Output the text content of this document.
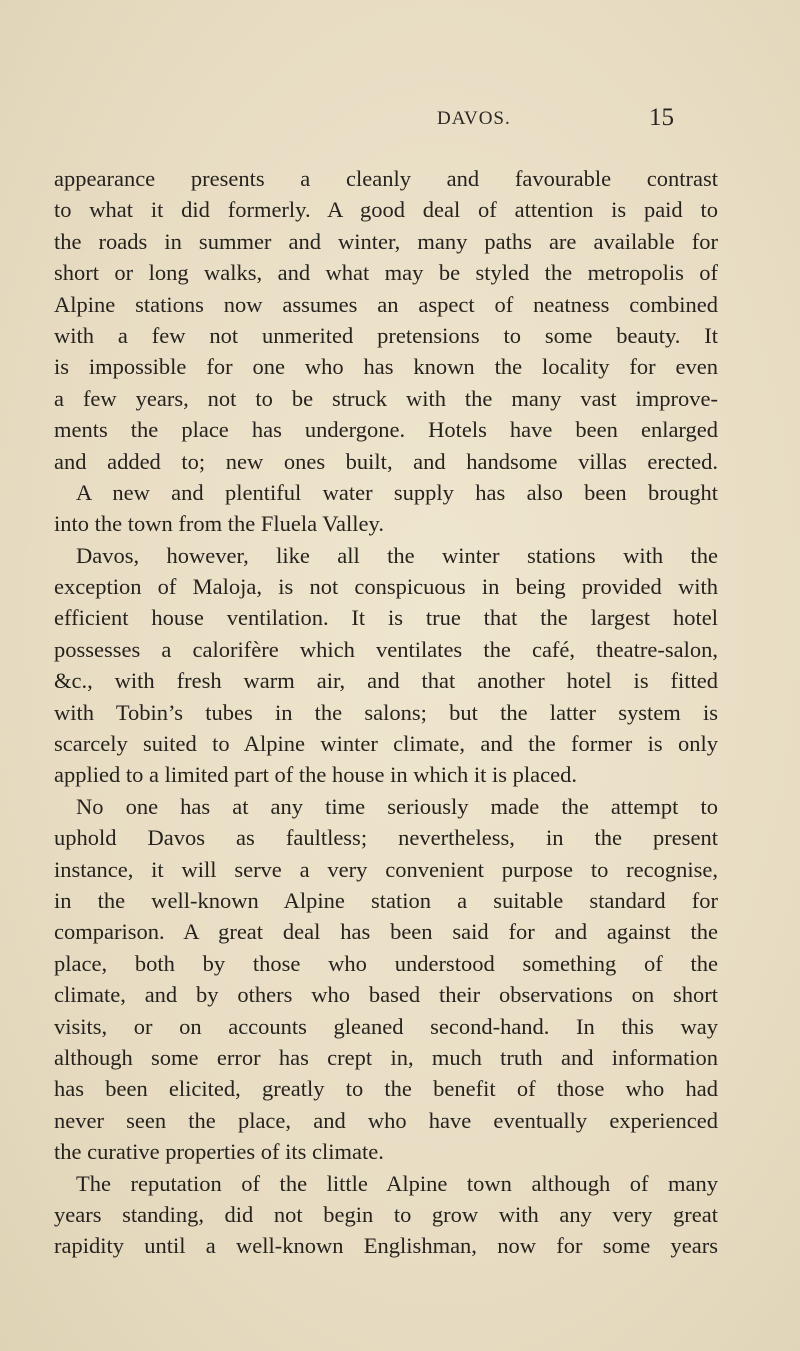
DAVOS.	15
appearance presents a cleanly and favourable contrast
to what it did formerly. A good deal of attention is paid to
the roads in summer and winter, many paths are available for
short or long walks, and what may be styled the metropolis of
Alpine stations now assumes an aspect of neatness combined
with a few not unmerited pretensions to some beauty. It
is impossible for one who has known the locality for even
a few years, not to be struck with the many vast improve-
ments the place has undergone. Hotels have been enlarged
and added to; new ones built, and handsome villas erected.
A new and plentiful water supply has also been brought
into the town from the Fluela Valley.
Davos, however, like all the winter stations with the
exception of Maloja, is not conspicuous in being provided with
efficient house ventilation. It is true that the largest hotel
possesses a calorifère which ventilates the café, theatre-salon,
&c., with fresh warm air, and that another hotel is fitted
with Tobin’s tubes in the salons; but the latter system is
scarcely suited to Alpine winter climate, and the former is only
applied to a limited part of the house in which it is placed.
No one has at any time seriously made the attempt to
uphold Davos as faultless; nevertheless, in the present
instance, it will serve a very convenient purpose to recognise,
in the well-known Alpine station a suitable standard for
comparison. A great deal has been said for and against the
place, both by those who understood something of the
climate, and by others who based their observations on short
visits, or on accounts gleaned second-hand. In this way
although some error has crept in, much truth and information
has been elicited, greatly to the benefit of those who had
never seen the place, and who have eventually experienced
the curative properties of its climate.
The reputation of the little Alpine town although of many
years standing, did not begin to grow with any very great
rapidity until a well-known Englishman, now for some years
